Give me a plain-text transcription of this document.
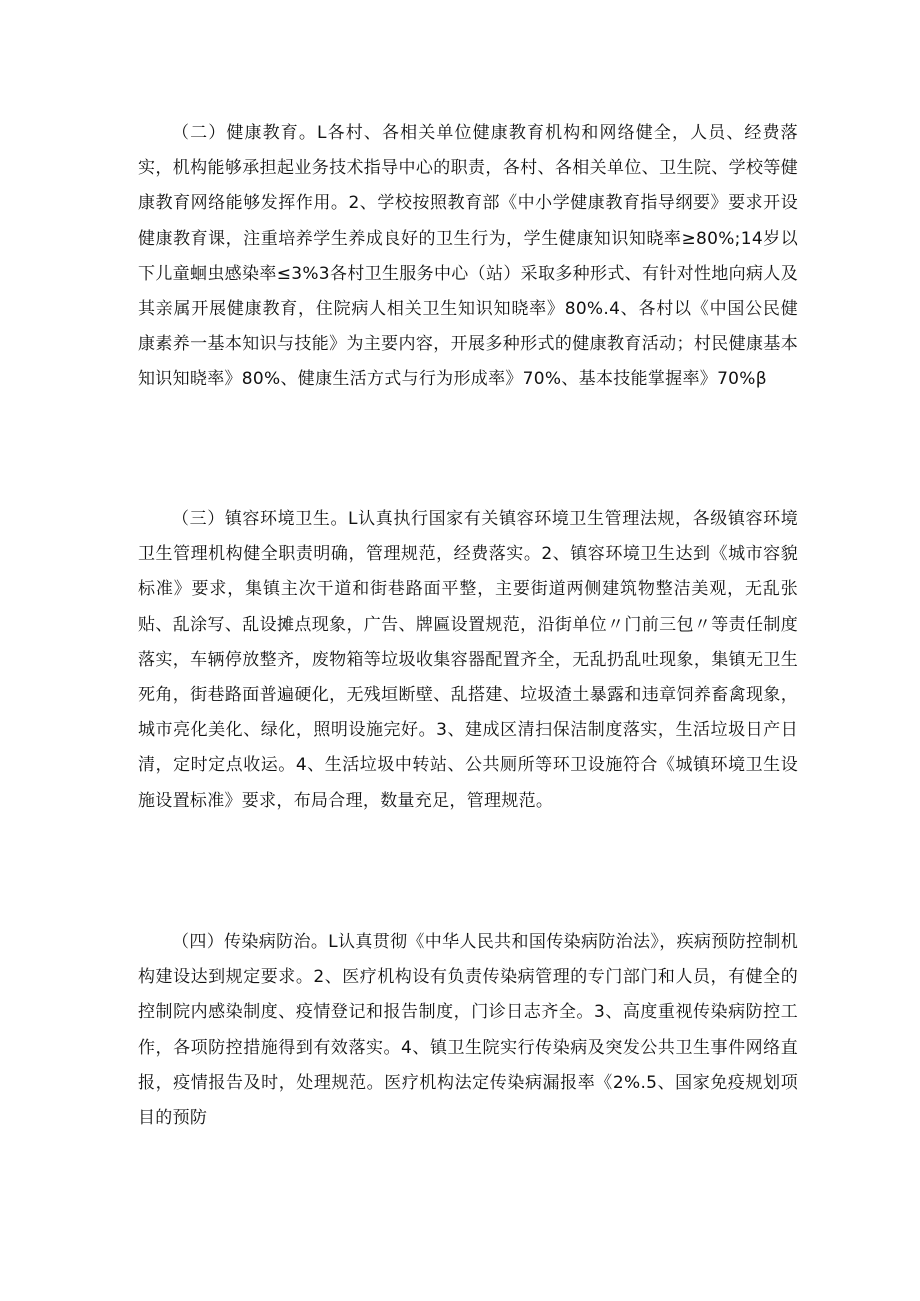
（二）健康教育。L各村、各相关单位健康教育机构和网络健全，人员、经费落实，机构能够承担起业务技术指导中心的职责，各村、各相关单位、卫生院、学校等健康教育网络能够发挥作用。2、学校按照教育部《中小学健康教育指导纲要》要求开设健康教育课，注重培养学生养成良好的卫生行为，学生健康知识知晓率≥80%;14岁以下儿童蛔虫感染率≤3%3各村卫生服务中心（站）采取多种形式、有针对性地向病人及其亲属开展健康教育，住院病人相关卫生知识知晓率》80%.4、各村以《中国公民健康素养一基本知识与技能》为主要内容，开展多种形式的健康教育活动；村民健康基本知识知晓率》80%、健康生活方式与行为形成率》70%、基本技能掌握率》70%β

（三）镇容环境卫生。L认真执行国家有关镇容环境卫生管理法规，各级镇容环境卫生管理机构健全职责明确，管理规范，经费落实。2、镇容环境卫生达到《城市容貌标准》要求，集镇主次干道和街巷路面平整，主要街道两侧建筑物整洁美观，无乱张贴、乱涂写、乱设摊点现象，广告、牌匾设置规范，沿街单位〃门前三包〃等责任制度落实，车辆停放整齐，废物箱等垃圾收集容器配置齐全，无乱扔乱吐现象，集镇无卫生死角，街巷路面普遍硬化，无残垣断壁、乱搭建、垃圾渣土暴露和违章饲养畜禽现象，城市亮化美化、绿化，照明设施完好。3、建成区清扫保洁制度落实，生活垃圾日产日清，定时定点收运。4、生活垃圾中转站、公共厕所等环卫设施符合《城镇环境卫生设施设置标准》要求，布局合理，数量充足，管理规范。

（四）传染病防治。L认真贯彻《中华人民共和国传染病防治法》，疾病预防控制机构建设达到规定要求。2、医疗机构设有负责传染病管理的专门部门和人员，有健全的控制院内感染制度、疫情登记和报告制度，门诊日志齐全。3、高度重视传染病防控工作，各项防控措施得到有效落实。4、镇卫生院实行传染病及突发公共卫生事件网络直报，疫情报告及时，处理规范。医疗机构法定传染病漏报率《2%.5、国家免疫规划项目的预防
